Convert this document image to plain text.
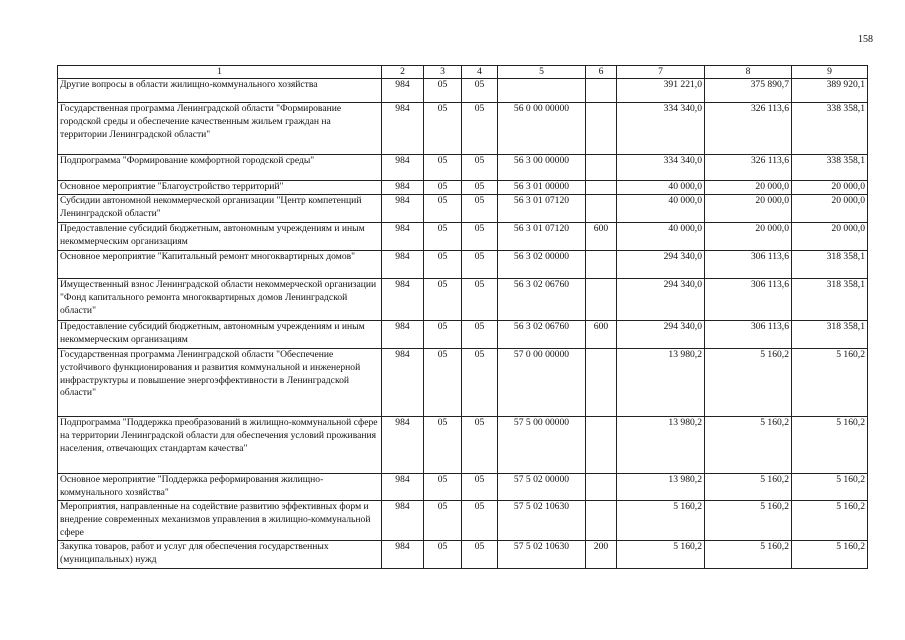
158
1	2	3	4	5	6	7	8	9
Другие вопросы в области жилищно-коммунального хозяйства	984	05	05			391 221,0	375 890,7	389 920,1
Государственная программа Ленинградской области "Формирование городской среды и обеспечение качественным жильем граждан на территории Ленинградской области"	984	05	05	56 0 00 00000		334 340,0	326 113,6	338 358,1
Подпрограмма "Формирование комфортной городской среды"	984	05	05	56 3 00 00000		334 340,0	326 113,6	338 358,1
Основное мероприятие "Благоустройство территорий"	984	05	05	56 3 01 00000		40 000,0	20 000,0	20 000,0
Субсидии автономной некоммерческой организации "Центр компетенций Ленинградской области"	984	05	05	56 3 01 07120		40 000,0	20 000,0	20 000,0
Предоставление субсидий бюджетным, автономным учреждениям и иным некоммерческим организациям	984	05	05	56 3 01 07120	600	40 000,0	20 000,0	20 000,0
Основное мероприятие "Капитальный ремонт многоквартирных домов"	984	05	05	56 3 02 00000		294 340,0	306 113,6	318 358,1
Имущественный взнос Ленинградской области некоммерческой организации "Фонд капитального ремонта многоквартирных домов Ленинградской области"	984	05	05	56 3 02 06760		294 340,0	306 113,6	318 358,1
Предоставление субсидий бюджетным, автономным учреждениям и иным некоммерческим организациям	984	05	05	56 3 02 06760	600	294 340,0	306 113,6	318 358,1
Государственная программа Ленинградской области "Обеспечение устойчивого функционирования и развития коммунальной и инженерной инфраструктуры и повышение энергоэффективности в Ленинградской области"	984	05	05	57 0 00 00000		13 980,2	5 160,2	5 160,2
Подпрограмма "Поддержка преобразований в жилищно-коммунальной сфере на территории Ленинградской области для обеспечения условий проживания населения, отвечающих стандартам качества"	984	05	05	57 5 00 00000		13 980,2	5 160,2	5 160,2
Основное мероприятие "Поддержка реформирования жилищно-коммунального хозяйства"	984	05	05	57 5 02 00000		13 980,2	5 160,2	5 160,2
Мероприятия, направленные на содействие развитию эффективных форм и внедрение современных механизмов управления в жилищно-коммунальной сфере	984	05	05	57 5 02 10630		5 160,2	5 160,2	5 160,2
Закупка товаров, работ и услуг для обеспечения государственных (муниципальных) нужд	984	05	05	57 5 02 10630	200	5 160,2	5 160,2	5 160,2
